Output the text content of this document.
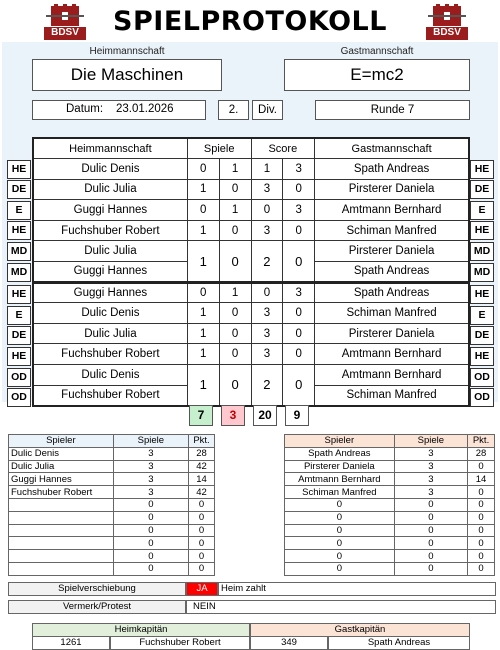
BDSV	BDSV
SPIELPROTOKOLL
Heimmannschaft
Die Maschinen
Gastmannschaft
E=mc2
Datum: 23.01.2026	2.	Div.	Runde 7
Heimmannschaft	Spiele		Score		Gastmannschaft
Dulic Denis	0	1	1	3	Spath Andreas
Dulic Julia	1	0	3	0	Pirsterer Daniela
Guggi Hannes	0	1	0	3	Amtmann Bernhard
Fuchshuber Robert	1	0	3	0	Schiman Manfred
Dulic Julia	1	0	2	0	Pirsterer Daniela
Guggi Hannes					Spath Andreas
Guggi Hannes	0	1	0	3	Spath Andreas
Dulic Denis	1	0	3	0	Schiman Manfred
Dulic Julia	1	0	3	0	Pirsterer Daniela
Fuchshuber Robert	1	0	3	0	Amtmann Bernhard
Dulic Denis	1	0	2	0	Amtmann Bernhard
Fuchshuber Robert					Schiman Manfred
HE
DE
E
HE
MD
MD
HE
E
DE
HE
OD
OD
HE
DE
E
HE
MD
MD
HE
E
DE
HE
OD
OD
7	3	20	9
Spieler	Spiele	Pkt.
Dulic Denis	3	28
Dulic Julia	3	42
Guggi Hannes	3	14
Fuchshuber Robert	3	42
	0	0
	0	0
	0	0
	0	0
	0	0
	0	0
Spieler	Spiele	Pkt.
Spath Andreas	3	28
Pirsterer Daniela	3	0
Amtmann Bernhard	3	14
Schiman Manfred	3	0
0	0	0
0	0	0
0	0	0
0	0	0
0	0	0
0	0	0
Spielverschiebung	JA	Heim zahlt
Vermerk/Protest	NEIN
Heimkapitän	Gastkapitän
1261	Fuchshuber Robert	349	Spath Andreas
